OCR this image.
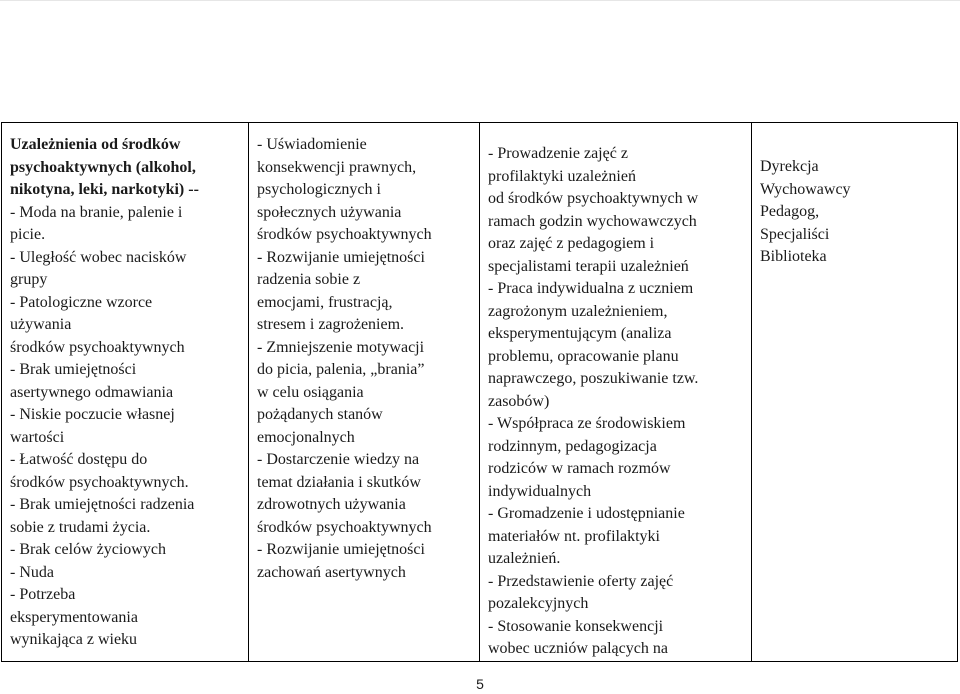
Uzależnienia od środków
psychoaktywnych (alkohol,
nikotyna, leki, narkotyki) --
- Moda na branie, palenie i
picie.
- Uległość wobec nacisków
grupy
- Patologiczne wzorce
używania
środków psychoaktywnych
- Brak umiejętności
asertywnego odmawiania
- Niskie poczucie własnej
wartości
- Łatwość dostępu do
środków psychoaktywnych.
- Brak umiejętności radzenia
sobie z trudami życia.
- Brak celów życiowych
- Nuda
- Potrzeba
eksperymentowania
wynikająca z wieku

- Uświadomienie
konsekwencji prawnych,
psychologicznych i
społecznych używania
środków psychoaktywnych
- Rozwijanie umiejętności
radzenia sobie z
emocjami, frustracją,
stresem i zagrożeniem.
- Zmniejszenie motywacji
do picia, palenia, „brania”
w celu osiągania
pożądanych stanów
emocjonalnych
- Dostarczenie wiedzy na
temat działania i skutków
zdrowotnych używania
środków psychoaktywnych
- Rozwijanie umiejętności
zachowań asertywnych

- Prowadzenie zajęć z
profilaktyki uzależnień
od środków psychoaktywnych w
ramach godzin wychowawczych
oraz zajęć z pedagogiem i
specjalistami terapii uzależnień
- Praca indywidualna z uczniem
zagrożonym uzależnieniem,
eksperymentującym (analiza
problemu, opracowanie planu
naprawczego, poszukiwanie tzw.
zasobów)
- Współpraca ze środowiskiem
rodzinnym, pedagogizacja
rodziców w ramach rozmów
indywidualnych
- Gromadzenie i udostępnianie
materiałów nt. profilaktyki
uzależnień.
- Przedstawienie oferty zajęć
pozalekcyjnych
- Stosowanie konsekwencji
wobec uczniów palących na

Dyrekcja
Wychowawcy
Pedagog,
Specjaliści
Biblioteka
5
